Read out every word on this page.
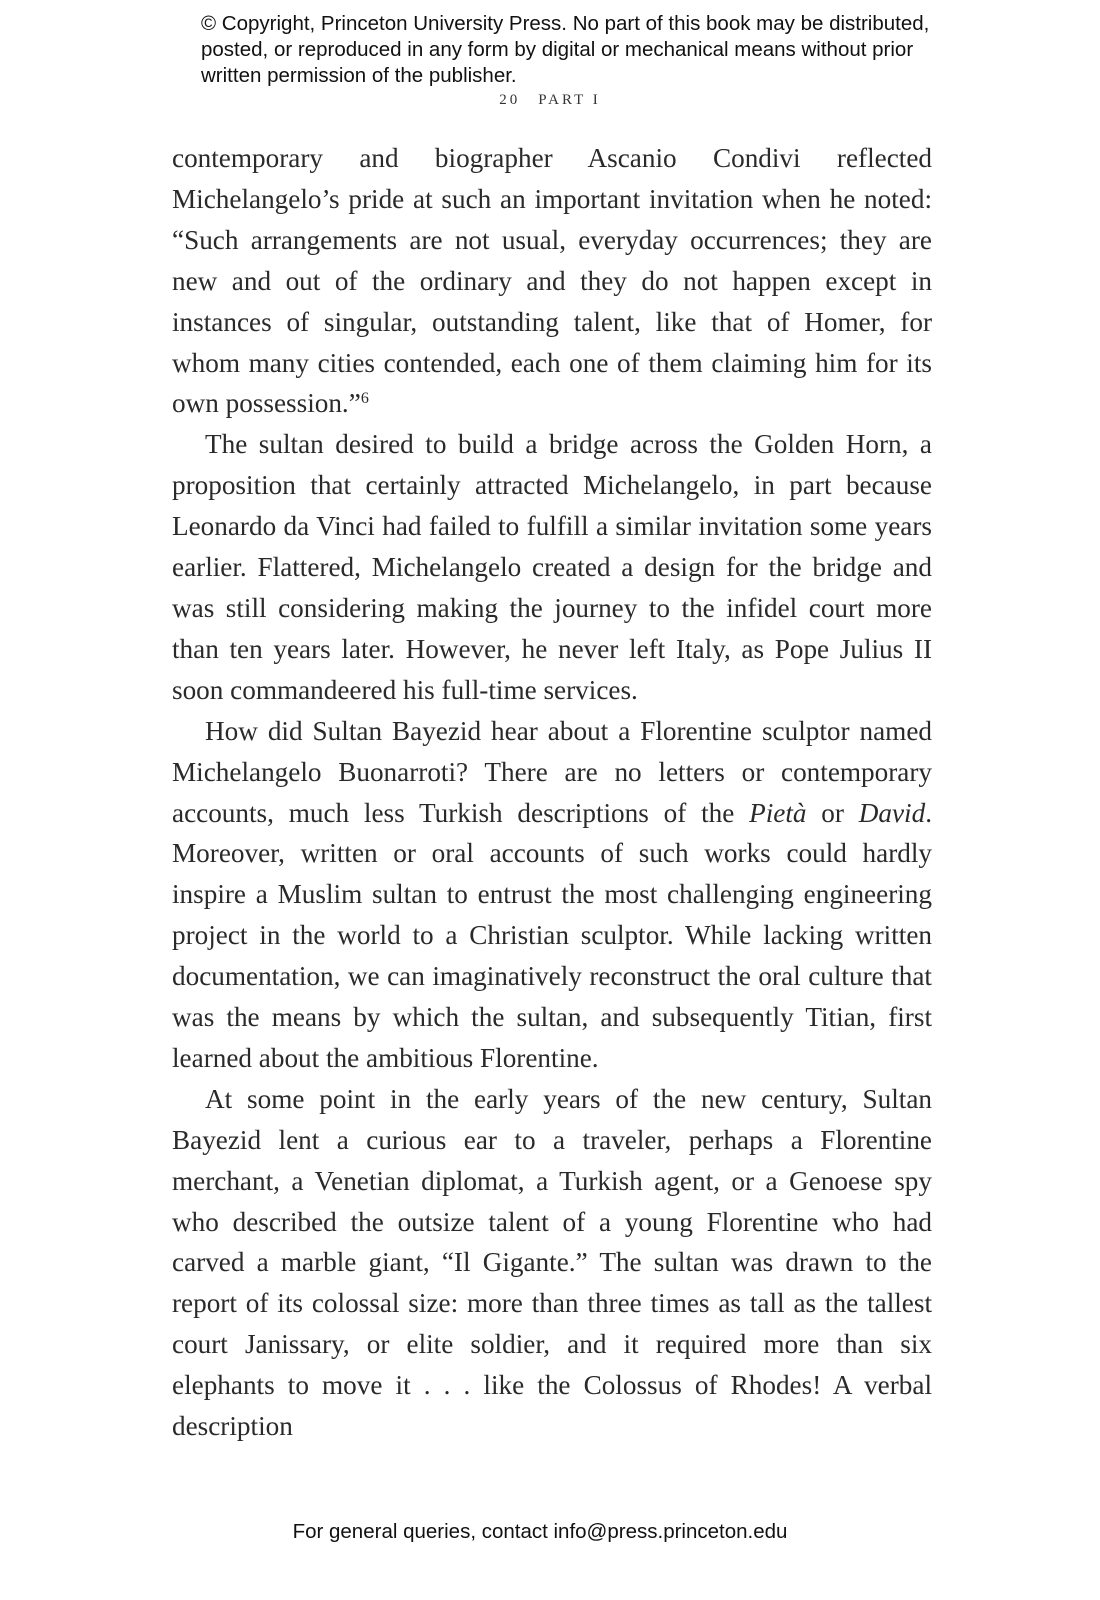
© Copyright, Princeton University Press. No part of this book may be distributed, posted, or reproduced in any form by digital or mechanical means without prior written permission of the publisher.

20 PART I

contemporary and biographer Ascanio Condivi reflected Michelangelo’s pride at such an important invitation when he noted: “Such arrangements are not usual, everyday occurrences; they are new and out of the ordinary and they do not happen except in instances of singular, outstanding talent, like that of Homer, for whom many cities contended, each one of them claiming him for its own possession.”$^6$

The sultan desired to build a bridge across the Golden Horn, a proposition that certainly attracted Michelangelo, in part because Leonardo da Vinci had failed to fulfill a similar invitation some years earlier. Flattered, Michelangelo created a design for the bridge and was still considering making the journey to the infidel court more than ten years later. However, he never left Italy, as Pope Julius II soon commandeered his full-time services.

How did Sultan Bayezid hear about a Florentine sculptor named Michelangelo Buonarroti? There are no letters or contemporary accounts, much less Turkish descriptions of the Pietà or David. Moreover, written or oral accounts of such works could hardly inspire a Muslim sultan to entrust the most challenging engineering project in the world to a Christian sculptor. While lacking written documentation, we can imaginatively reconstruct the oral culture that was the means by which the sultan, and subsequently Titian, first learned about the ambitious Florentine.

At some point in the early years of the new century, Sultan Bayezid lent a curious ear to a traveler, perhaps a Florentine merchant, a Venetian diplomat, a Turkish agent, or a Genoese spy who described the outsize talent of a young Florentine who had carved a marble giant, “Il Gigante.” The sultan was drawn to the report of its colossal size: more than three times as tall as the tallest court Janissary, or elite soldier, and it required more than six elephants to move it . . . like the Colossus of Rhodes! A verbal description

For general queries, contact info@press.princeton.edu
